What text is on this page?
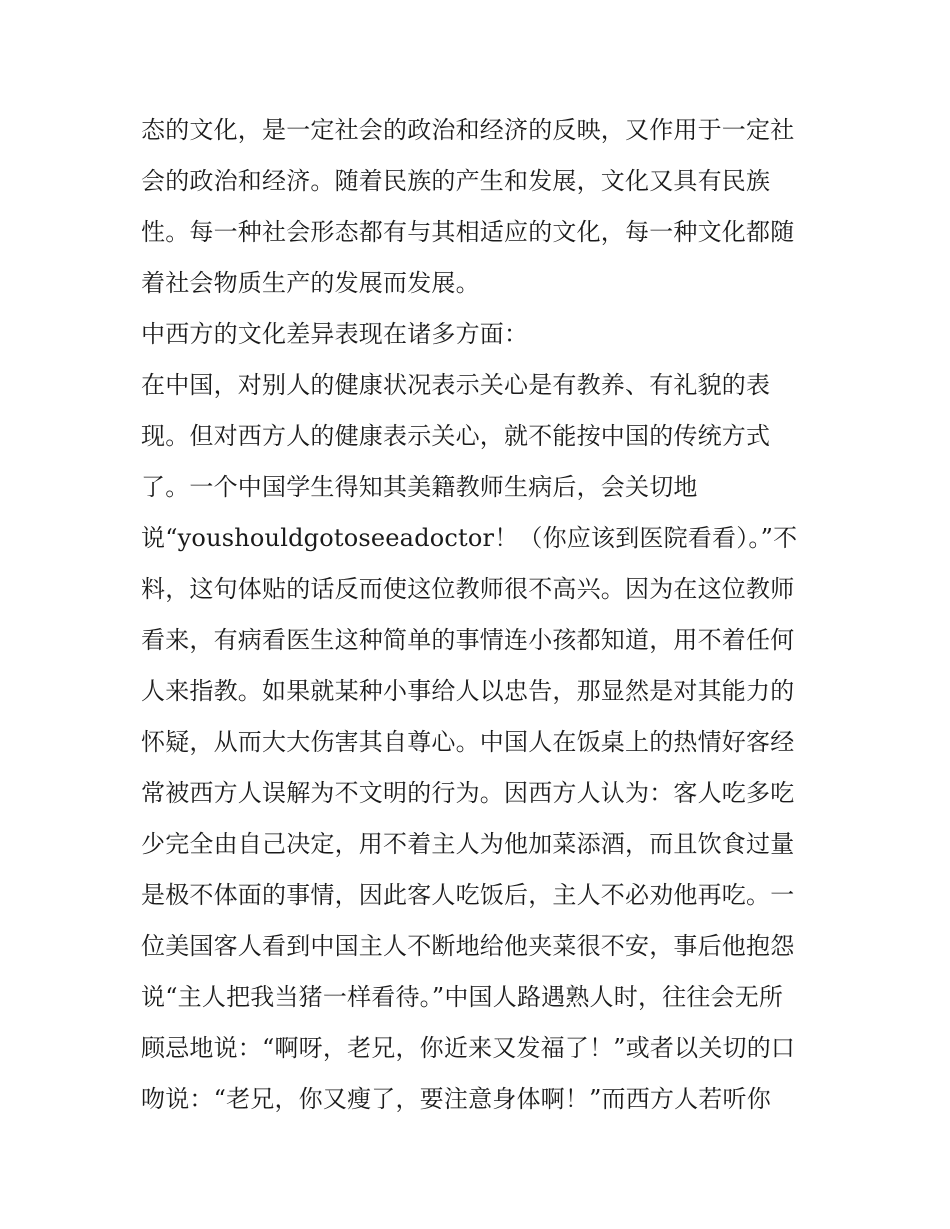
态的文化，是一定社会的政治和经济的反映，又作用于一定社
会的政治和经济。随着民族的产生和发展，文化又具有民族
性。每一种社会形态都有与其相适应的文化，每一种文化都随
着社会物质生产的发展而发展。
中西方的文化差异表现在诸多方面：
在中国，对别人的健康状况表示关心是有教养、有礼貌的表
现。但对西方人的健康表示关心，就不能按中国的传统方式
了。一个中国学生得知其美籍教师生病后，会关切地
说“youshouldgotoseeadoctor！（你应该到医院看看）。”不
料，这句体贴的话反而使这位教师很不高兴。因为在这位教师
看来，有病看医生这种简单的事情连小孩都知道，用不着任何
人来指教。如果就某种小事给人以忠告，那显然是对其能力的
怀疑，从而大大伤害其自尊心。中国人在饭桌上的热情好客经
常被西方人误解为不文明的行为。因西方人认为：客人吃多吃
少完全由自己决定，用不着主人为他加菜添酒，而且饮食过量
是极不体面的事情，因此客人吃饭后，主人不必劝他再吃。一
位美国客人看到中国主人不断地给他夹菜很不安，事后他抱怨
说“主人把我当猪一样看待。”中国人路遇熟人时，往往会无所
顾忌地说：“啊呀，老兄，你近来又发福了！”或者以关切的口
吻说：“老兄，你又瘦了，要注意身体啊！”而西方人若听你
